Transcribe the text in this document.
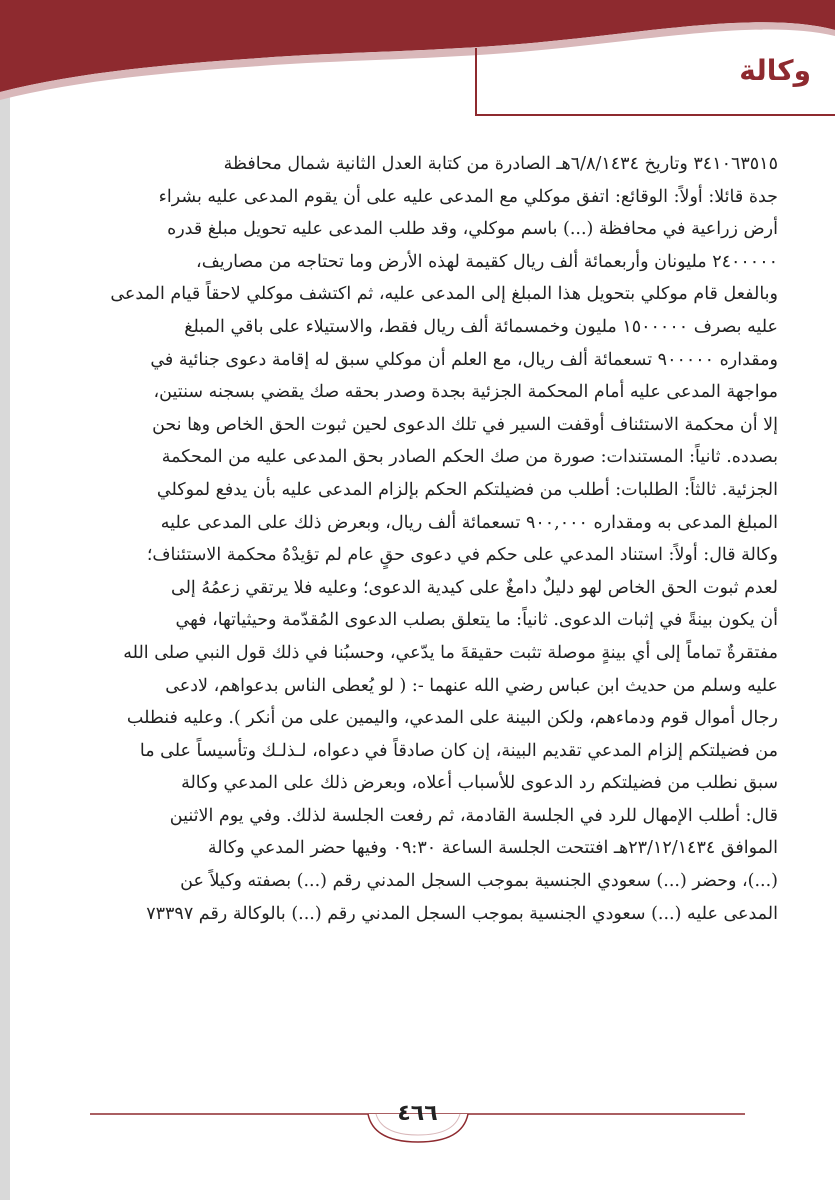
وكالة

٣٤١٠٦٣٥١٥ وتاريخ ٦/٨/١٤٣٤هـ الصادرة من كتابة العدل الثانية شمال محافظة

جدة قائلا: أولاً: الوقائع: اتفق موكلي مع المدعى عليه على أن يقوم المدعى عليه بشراء

أرض زراعية في محافظة (...) باسم موكلي، وقد طلب المدعى عليه تحويل مبلغ قدره

٢٤٠٠٠٠٠ مليونان وأربعمائة ألف ريال كقيمة لهذه الأرض وما تحتاجه من مصاريف،

وبالفعل قام موكلي بتحويل هذا المبلغ إلى المدعى عليه، ثم اكتشف موكلي لاحقاً قيام المدعى

عليه بصرف ١٥٠٠٠٠٠ مليون وخمسمائة ألف ريال فقط، والاستيلاء على باقي المبلغ

ومقداره ٩٠٠٠٠٠ تسعمائة ألف ريال، مع العلم أن موكلي سبق له إقامة دعوى جنائية في

مواجهة المدعى عليه أمام المحكمة الجزئية بجدة وصدر بحقه صك يقضي بسجنه سنتين،

إلا أن محكمة الاستئناف أوقفت السير في تلك الدعوى لحين ثبوت الحق الخاص وها نحن

بصدده. ثانياً: المستندات: صورة من صك الحكم الصادر بحق المدعى عليه من المحكمة

الجزئية. ثالثاً: الطلبات: أطلب من فضيلتكم الحكم بإلزام المدعى عليه بأن يدفع لموكلي

المبلغ المدعى به ومقداره ٩٠٠,٠٠٠ تسعمائة ألف ريال، وبعرض ذلك على المدعى عليه

وكالة قال: أولاً: استناد المدعي على حكم في دعوى حقٍ عام لم تؤيدْهُ محكمة الاستئناف؛

لعدم ثبوت الحق الخاص لهو دليلٌ دامغٌ على كيدية الدعوى؛ وعليه فلا يرتقي زعمُهُ إلى

أن يكون بينةً في إثبات الدعوى. ثانياً: ما يتعلق بصلب الدعوى المُقدّمة وحيثياتها، فهي

مفتقرةٌ تماماً إلى أي بينةٍ موصلة تثبت حقيقةَ ما يدّعي، وحسبُنا في ذلك قول النبي صلى الله

عليه وسلم من حديث ابن عباس رضي الله عنهما -: ( لو يُعطى الناس بدعواهم، لادعى

رجال أموال قوم ودماءهم، ولكن البينة على المدعي، واليمين على من أنكر ). وعليه فنطلب

من فضيلتكم إلزام المدعي تقديم البينة، إن كان صادقاً في دعواه، لـذلـك وتأسيساً على ما

سبق نطلب من فضيلتكم رد الدعوى للأسباب أعلاه، وبعرض ذلك على المدعي وكالة

قال: أطلب الإمهال للرد في الجلسة القادمة، ثم رفعت الجلسة لذلك. وفي يوم الاثنين

الموافق ٢٣/١٢/١٤٣٤هـ افتتحت الجلسة الساعة ٠٩:٣٠ وفيها حضر المدعي وكالة

(...)، وحضر (...) سعودي الجنسية بموجب السجل المدني رقم (...) بصفته وكيلاً عن

المدعى عليه (...) سعودي الجنسية بموجب السجل المدني رقم (...) بالوكالة رقم ٧٣٣٩٧

٤٦٦
